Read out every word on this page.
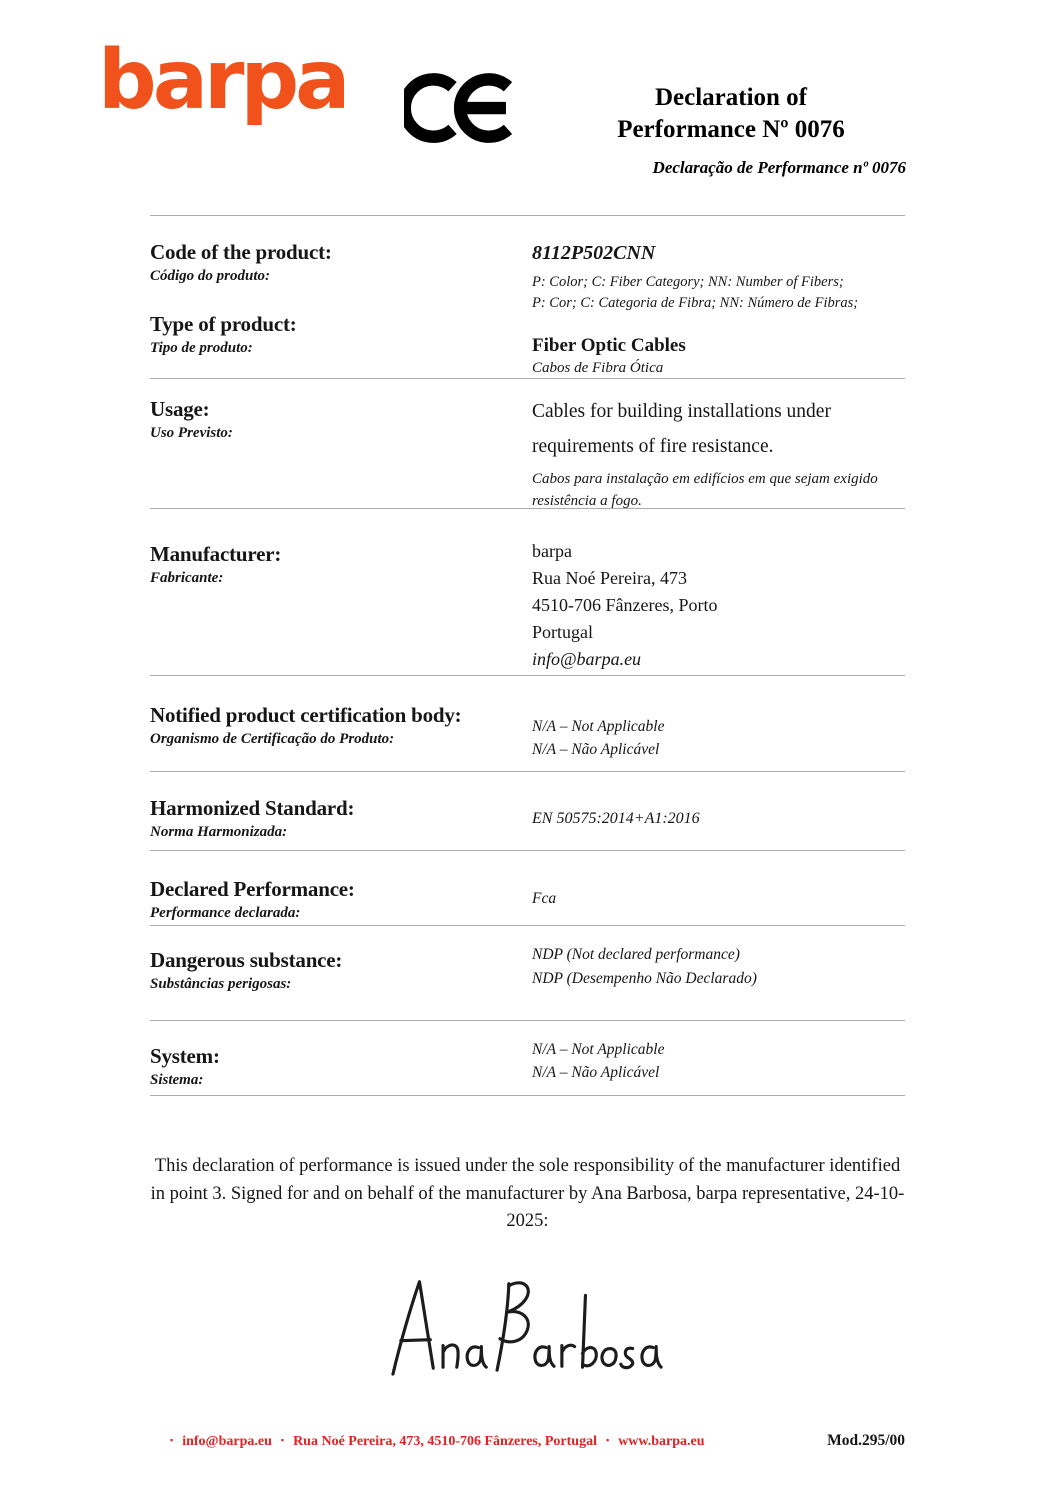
barpa	Declaration of
Performance Nº 0076
Declaração de Performance nº 0076
Code of the product:
Código do produto:
Type of product:
Tipo de produto:
8112P502CNN
P: Color; C: Fiber Category; NN: Number of Fibers;
P: Cor; C: Categoria de Fibra; NN: Número de Fibras;
Fiber Optic Cables
Cabos de Fibra Ótica
Usage:
Uso Previsto:
Cables for building installations under requirements of fire resistance.
Cabos para instalação em edifícios em que sejam exigido resistência a fogo.
Manufacturer:
Fabricante:
barpa
Rua Noé Pereira, 473
4510-706 Fânzeres, Porto
Portugal
info@barpa.eu
Notified product certification body:
Organismo de Certificação do Produto:
N/A – Not Applicable
N/A – Não Aplicável
Harmonized Standard:
Norma Harmonizada:
EN 50575:2014+A1:2016
Declared Performance:
Performance declarada:
Fca
Dangerous substance:
Substâncias perigosas:
NDP (Not declared performance)
NDP (Desempenho Não Declarado)
System:
Sistema:
N/A – Not Applicable
N/A – Não Aplicável
This declaration of performance is issued under the sole responsibility of the manufacturer identified in point 3. Signed for and on behalf of the manufacturer by Ana Barbosa, barpa representative, 24-10-2025:
▪ info@barpa.eu ▪ Rua Noé Pereira, 473, 4510-706 Fânzeres, Portugal ▪ www.barpa.eu	Mod.295/00
